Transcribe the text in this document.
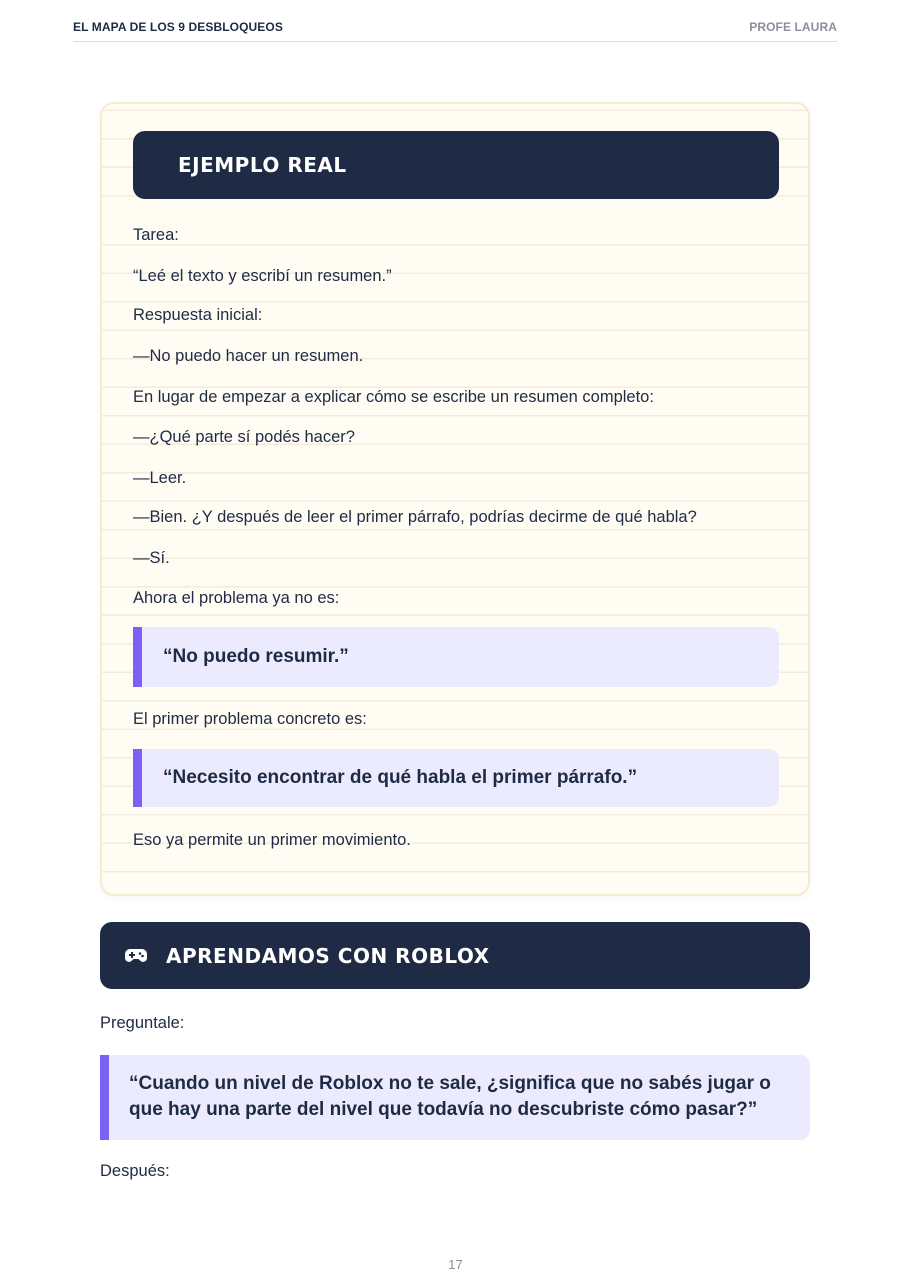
EL MAPA DE LOS 9 DESBLOQUEOS	PROFE LAURA
EJEMPLO REAL
Tarea:
“Leé el texto y escribí un resumen.”
Respuesta inicial:
—No puedo hacer un resumen.
En lugar de empezar a explicar cómo se escribe un resumen completo:
—¿Qué parte sí podés hacer?
—Leer.
—Bien. ¿Y después de leer el primer párrafo, podrías decirme de qué habla?
—Sí.
Ahora el problema ya no es:
“No puedo resumir.”
El primer problema concreto es:
“Necesito encontrar de qué habla el primer párrafo.”
Eso ya permite un primer movimiento.
APRENDAMOS CON ROBLOX
Preguntale:
“Cuando un nivel de Roblox no te sale, ¿significa que no sabés jugar o que hay una parte del nivel que todavía no descubriste cómo pasar?”
Después:
17
